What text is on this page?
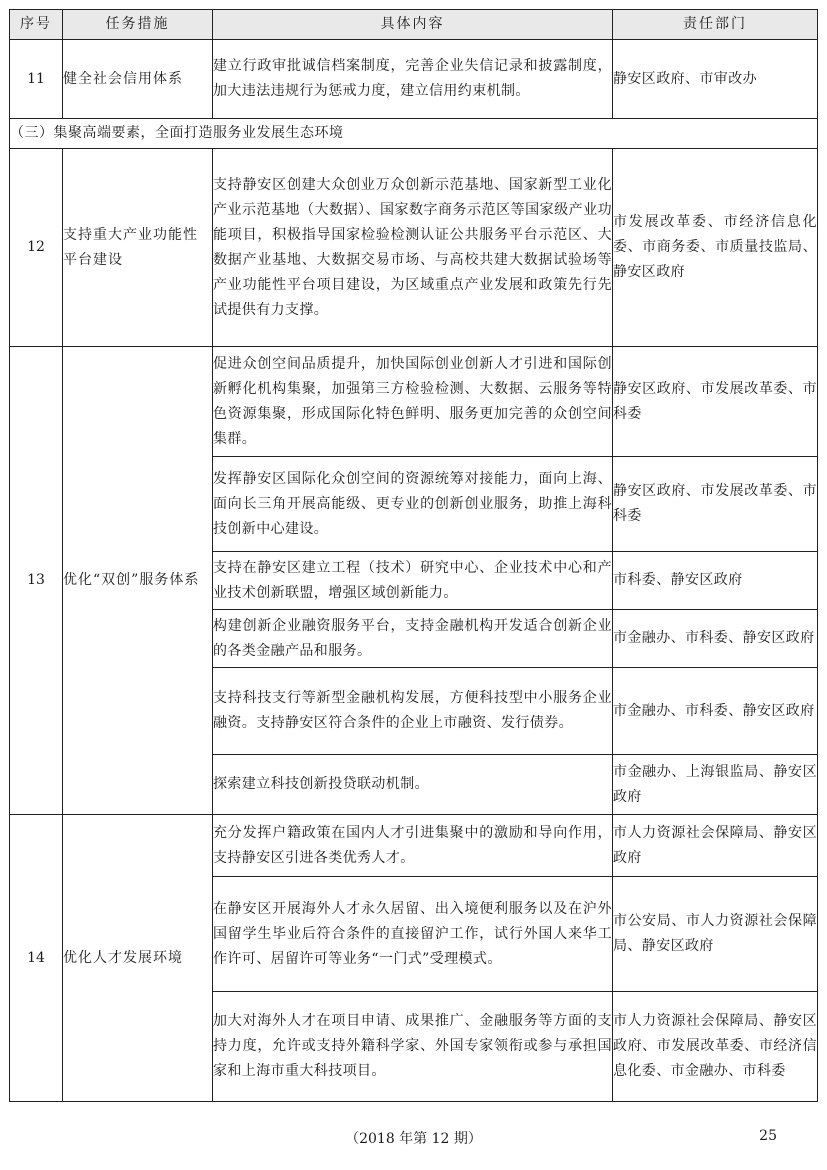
序号	任务措施	具体内容	责任部门
11	健全社会信用体系	建立行政审批诚信档案制度，完善企业失信记录和披露制度，加大违法违规行为惩戒力度，建立信用约束机制。	静安区政府、市审改办
（三）集聚高端要素，全面打造服务业发展生态环境			
12	支持重大产业功能性平台建设	支持静安区创建大众创业万众创新示范基地、国家新型工业化产业示范基地（大数据）、国家数字商务示范区等国家级产业功能项目，积极指导国家检验检测认证公共服务平台示范区、大数据产业基地、大数据交易市场、与高校共建大数据试验场等产业功能性平台项目建设，为区域重点产业发展和政策先行先试提供有力支撑。	市发展改革委、市经济信息化委、市商务委、市质量技监局、静安区政府
13	优化“双创”服务体系	促进众创空间品质提升，加快国际创业创新人才引进和国际创新孵化机构集聚，加强第三方检验检测、大数据、云服务等特色资源集聚，形成国际化特色鲜明、服务更加完善的众创空间集群。	静安区政府、市发展改革委、市科委
		发挥静安区国际化众创空间的资源统筹对接能力，面向上海、面向长三角开展高能级、更专业的创新创业服务，助推上海科技创新中心建设。	静安区政府、市发展改革委、市科委
		支持在静安区建立工程（技术）研究中心、企业技术中心和产业技术创新联盟，增强区域创新能力。	市科委、静安区政府
		构建创新企业融资服务平台，支持金融机构开发适合创新企业的各类金融产品和服务。	市金融办、市科委、静安区政府
		支持科技支行等新型金融机构发展，方便科技型中小服务企业融资。支持静安区符合条件的企业上市融资、发行债券。	市金融办、市科委、静安区政府
		探索建立科技创新投贷联动机制。	市金融办、上海银监局、静安区政府
14	优化人才发展环境	充分发挥户籍政策在国内人才引进集聚中的激励和导向作用，支持静安区引进各类优秀人才。	市人力资源社会保障局、静安区政府
		在静安区开展海外人才永久居留、出入境便利服务以及在沪外国留学生毕业后符合条件的直接留沪工作，试行外国人来华工作许可、居留许可等业务“一门式”受理模式。	市公安局、市人力资源社会保障局、静安区政府
		加大对海外人才在项目申请、成果推广、金融服务等方面的支持力度，允许或支持外籍科学家、外国专家领衔或参与承担国家和上海市重大科技项目。	市人力资源社会保障局、静安区政府、市发展改革委、市经济信息化委、市金融办、市科委
（2018 年第 12 期）	25
